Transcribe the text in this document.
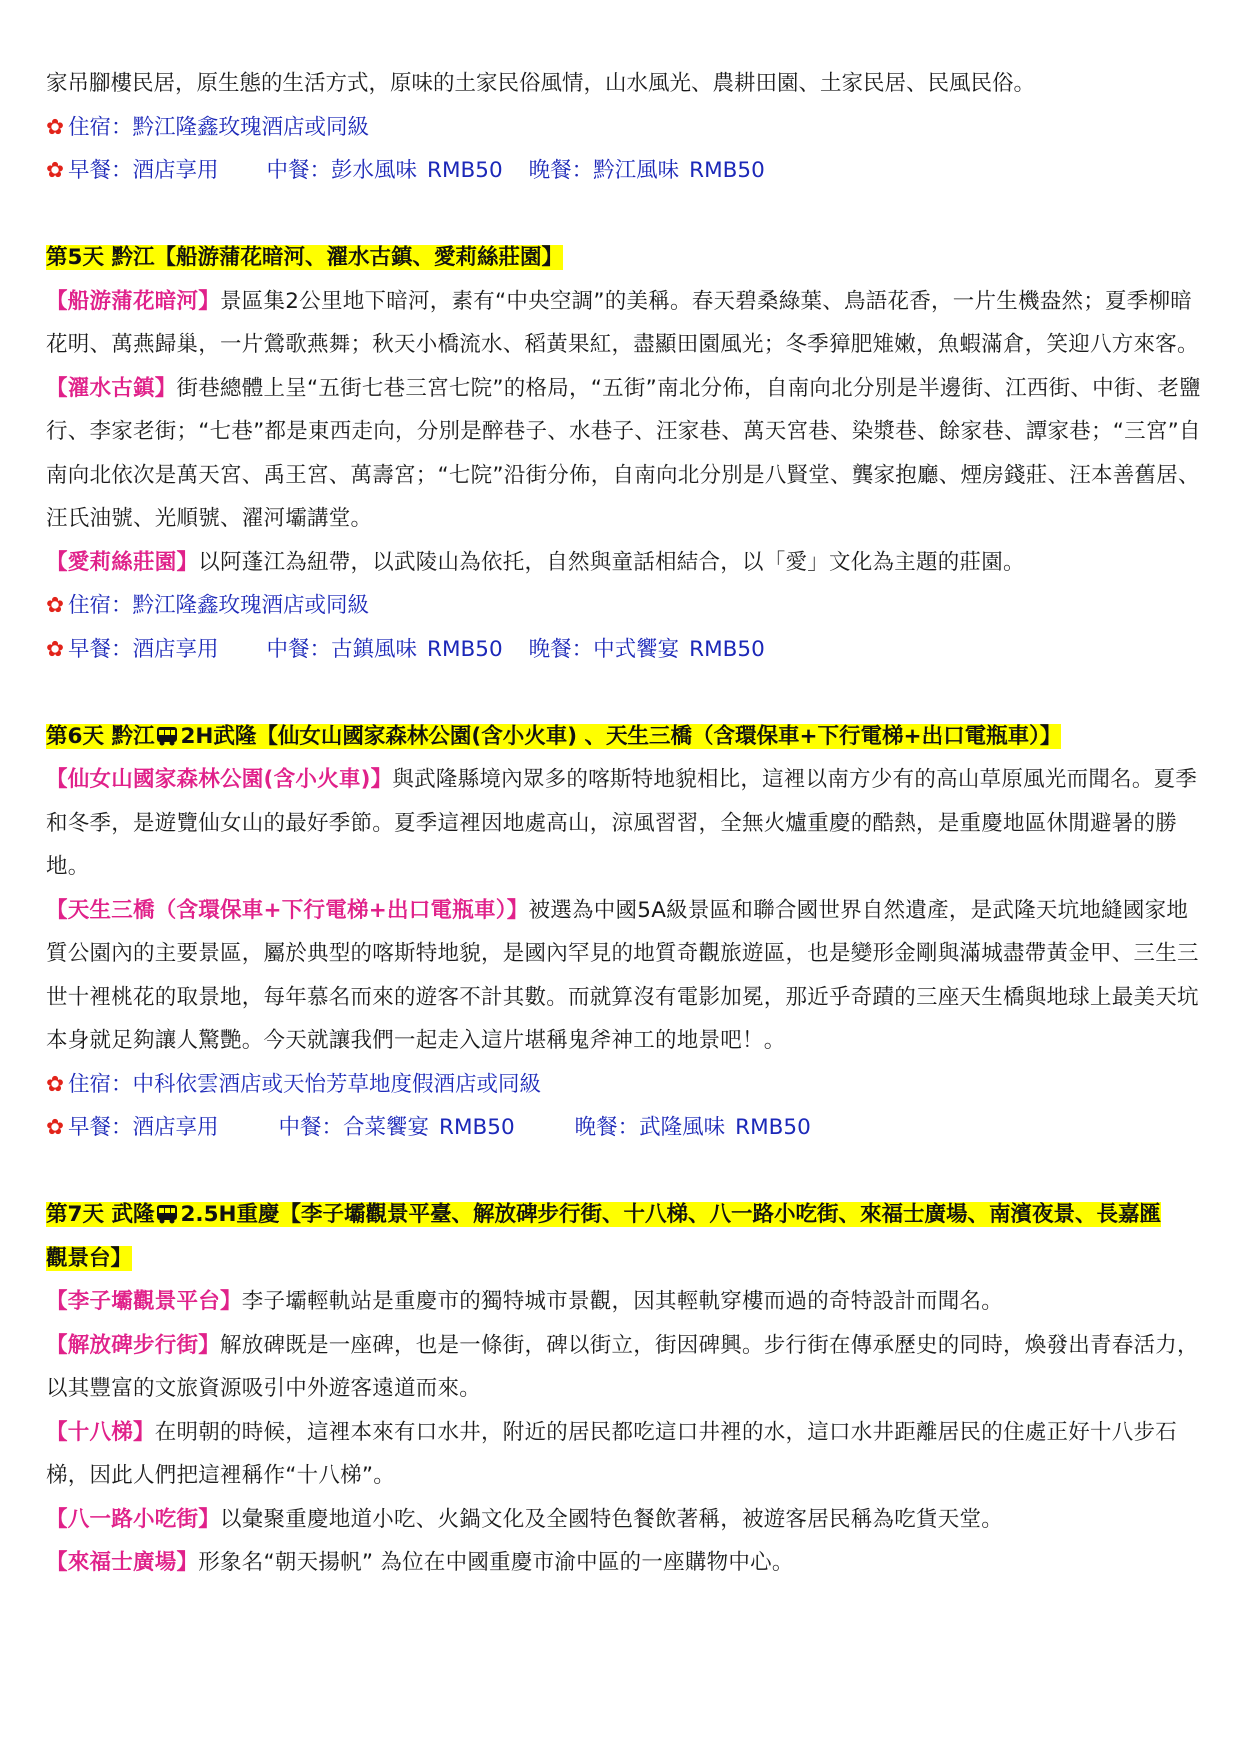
家吊腳樓民居，原生態的生活方式，原味的土家民俗風情，山水風光、農耕田園、土家民居、民風民俗。
✿ 住宿：黔江隆鑫玫瑰酒店或同級
✿ 早餐：酒店享用 中餐：彭水風味 RMB50 晚餐：黔江風味 RMB50
第5天 黔江【船游蒲花暗河、濯水古鎮、愛莉絲莊園】
【船游蒲花暗河】景區集2公里地下暗河，素有“中央空調”的美稱。春天碧桑綠葉、鳥語花香，一片生機盎然；夏季柳暗花明、萬燕歸巢，一片鶯歌燕舞；秋天小橋流水、稻黃果紅，盡顯田園風光；冬季獐肥雉嫩，魚蝦滿倉，笑迎八方來客。
【濯水古鎮】街巷總體上呈“五街七巷三宮七院”的格局，“五街”南北分佈，自南向北分別是半邊街、江西街、中街、老鹽行、李家老街；“七巷”都是東西走向，分別是醉巷子、水巷子、汪家巷、萬天宮巷、染漿巷、餘家巷、譚家巷；“三宮”自南向北依次是萬天宮、禹王宮、萬壽宮；“七院”沿街分佈，自南向北分別是八賢堂、龔家抱廳、煙房錢莊、汪本善舊居、汪氏油號、光順號、濯河壩講堂。
【愛莉絲莊園】以阿蓬江為紐帶，以武陵山為依托，自然與童話相結合，以「愛」文化為主題的莊園。
✿ 住宿：黔江隆鑫玫瑰酒店或同級
✿ 早餐：酒店享用 中餐：古鎮風味 RMB50 晚餐：中式饗宴 RMB50
第6天 黔江 2H武隆【仙女山國家森林公園(含小火車) 、天生三橋（含環保車+下行電梯+出口電瓶車）】
【仙女山國家森林公園(含小火車)】與武隆縣境內眾多的喀斯特地貌相比，這裡以南方少有的高山草原風光而聞名。夏季和冬季，是遊覽仙女山的最好季節。夏季這裡因地處高山，涼風習習，全無火爐重慶的酷熱，是重慶地區休閒避暑的勝地。
【天生三橋（含環保車+下行電梯+出口電瓶車）】被選為中國5A級景區和聯合國世界自然遺產，是武隆天坑地縫國家地質公園內的主要景區，屬於典型的喀斯特地貌，是國內罕見的地質奇觀旅遊區，也是變形金剛與滿城盡帶黃金甲、三生三世十裡桃花的取景地，每年慕名而來的遊客不計其數。而就算沒有電影加冕，那近乎奇蹟的三座天生橋與地球上最美天坑本身就足夠讓人驚艷。今天就讓我們一起走入這片堪稱鬼斧神工的地景吧！。
✿ 住宿：中科依雲酒店或天怡芳草地度假酒店或同級
✿ 早餐：酒店享用	中餐：合菜饗宴 RMB50	晚餐：武隆風味 RMB50
第7天 武隆 2.5H重慶【李子壩觀景平臺、解放碑步行街、十八梯、八一路小吃街、來福士廣場、南濱夜景、長嘉匯觀景台】
【李子壩觀景平台】李子壩輕軌站是重慶市的獨特城市景觀，因其輕軌穿樓而過的奇特設計而聞名。
【解放碑步行街】解放碑既是一座碑，也是一條街，碑以街立，街因碑興。步行街在傳承歷史的同時，煥發出青春活力，以其豐富的文旅資源吸引中外遊客遠道而來。
【十八梯】在明朝的時候，這裡本來有口水井，附近的居民都吃這口井裡的水，這口水井距離居民的住處正好十八步石梯，因此人們把這裡稱作“十八梯”。
【八一路小吃街】以彙聚重慶地道小吃、火鍋文化及全國特色餐飲著稱，被遊客居民稱為吃貨天堂。
【來福士廣場】形象名“朝天揚帆” 為位在中國重慶市渝中區的一座購物中心。
